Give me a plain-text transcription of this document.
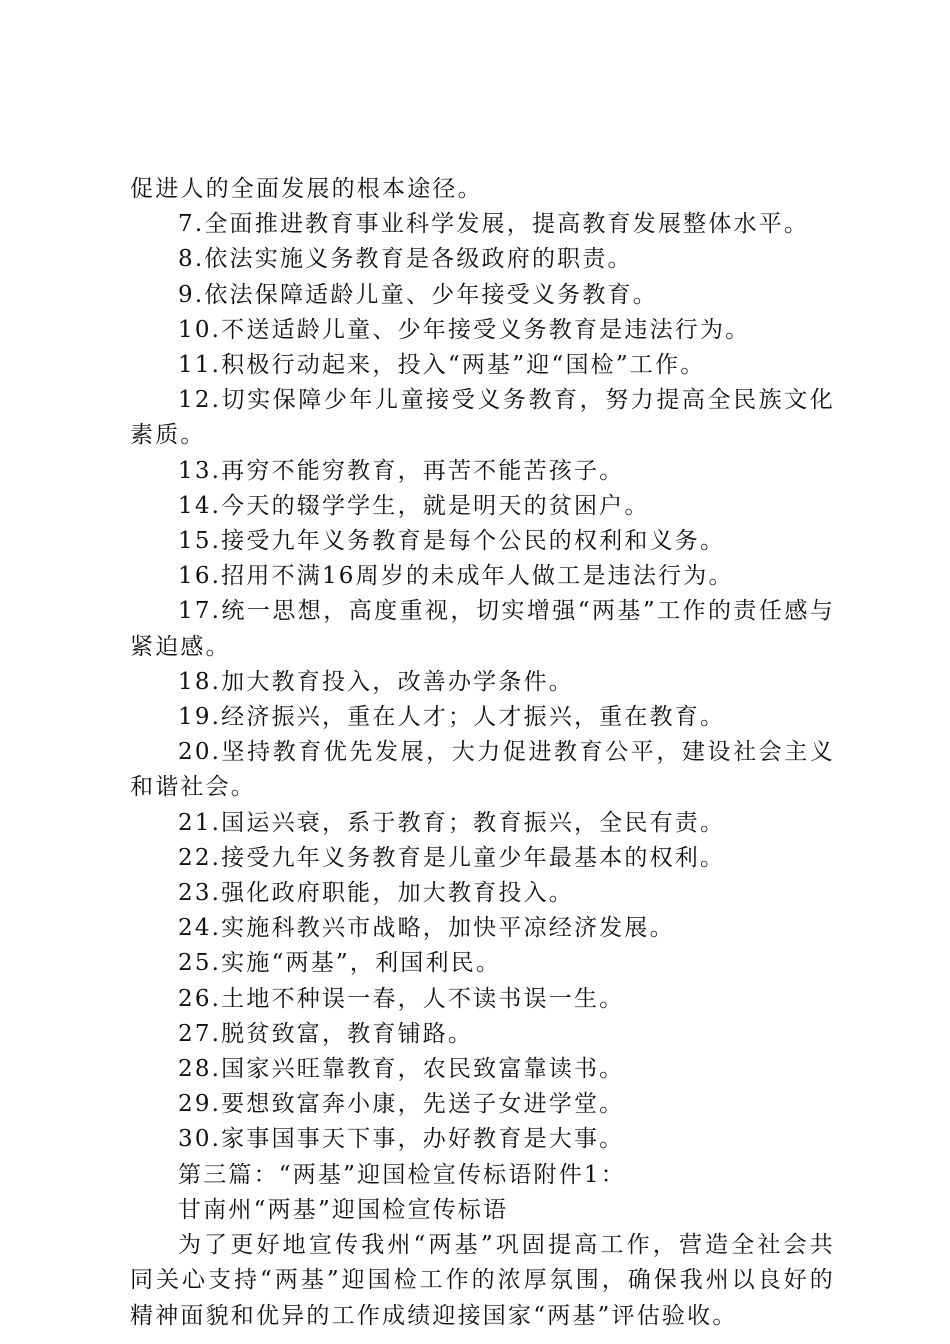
促进人的全面发展的根本途径。

7.全面推进教育事业科学发展，提高教育发展整体水平。

8.依法实施义务教育是各级政府的职责。

9.依法保障适龄儿童、少年接受义务教育。

10.不送适龄儿童、少年接受义务教育是违法行为。

11.积极行动起来，投入“两基”迎“国检”工作。

12.切实保障少年儿童接受义务教育，努力提高全民族文化素质。

13.再穷不能穷教育，再苦不能苦孩子。

14.今天的辍学学生，就是明天的贫困户。

15.接受九年义务教育是每个公民的权利和义务。

16.招用不满16周岁的未成年人做工是违法行为。

17.统一思想，高度重视，切实增强“两基”工作的责任感与紧迫感。

18.加大教育投入，改善办学条件。

19.经济振兴，重在人才；人才振兴，重在教育。

20.坚持教育优先发展，大力促进教育公平，建设社会主义和谐社会。

21.国运兴衰，系于教育；教育振兴，全民有责。

22.接受九年义务教育是儿童少年最基本的权利。

23.强化政府职能，加大教育投入。

24.实施科教兴市战略，加快平凉经济发展。

25.实施“两基”，利国利民。

26.土地不种误一春，人不读书误一生。

27.脱贫致富，教育铺路。

28.国家兴旺靠教育，农民致富靠读书。

29.要想致富奔小康，先送子女进学堂。

30.家事国事天下事，办好教育是大事。

第三篇：“两基”迎国检宣传标语附件1：

甘南州“两基”迎国检宣传标语

为了更好地宣传我州“两基”巩固提高工作，营造全社会共同关心支持“两基”迎国检工作的浓厚氛围，确保我州以良好的精神面貌和优异的工作成绩迎接国家“两基”评估验收。
